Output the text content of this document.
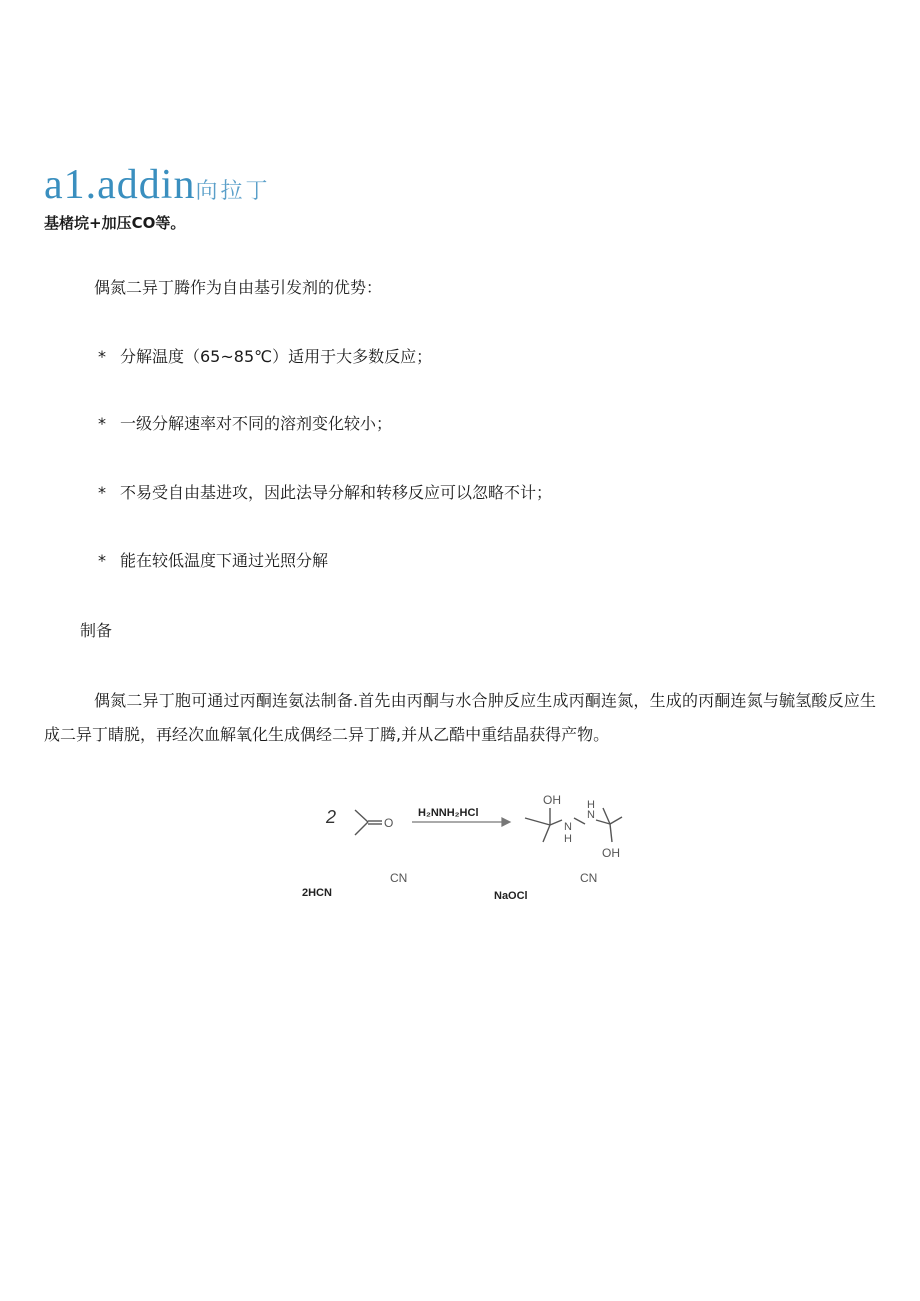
a1.addin向拉丁
基楮垸+加压CO等。
偶氮二异丁腾作为自由基引发剂的优势：
* 分解温度（65~85℃）适用于大多数反应；
* 一级分解速率对不同的溶剂变化较小；
* 不易受自由基进攻，因此法导分解和转移反应可以忽略不计；
* 能在较低温度下通过光照分解
制备
偶氮二异丁胞可通过丙酮连氨法制备.首先由丙酮与水合肿反应生成丙酮连氮，生成的丙酮连氮与毓氢酸反应生成二异丁睛脱，再经次血解氧化生成偶经二异丁腾,并从乙酷中重结晶获得产物。
2	O
H₂NNH₂HCl
OH
N
H
N
H
OH
CN	CN
2HCN	NaOCl
